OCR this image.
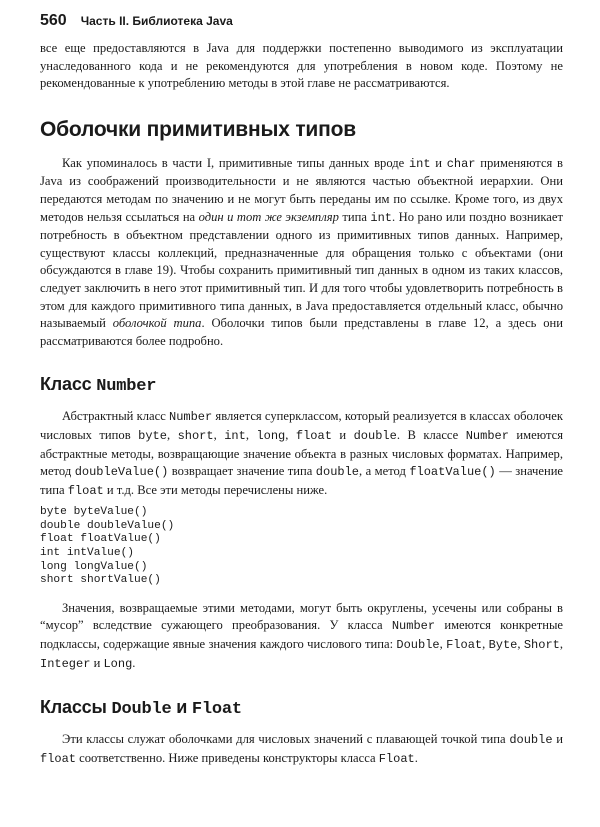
560 Часть II. Библиотека Java

все еще предоставляются в Java для поддержки постепенно выводимого из эксплуатации унаследованного кода и не рекомендуются для употребления в новом коде. Поэтому не рекомендованные к употреблению методы в этой главе не рассматриваются.

Оболочки примитивных типов

Как упоминалось в части I, примитивные типы данных вроде int и char применяются в Java из соображений производительности и не являются частью объектной иерархии. Они передаются методам по значению и не могут быть переданы им по ссылке. Кроме того, из двух методов нельзя ссылаться на один и тот же экземпляр типа int. Но рано или поздно возникает потребность в объектном представлении одного из примитивных типов данных. Например, существуют классы коллекций, предназначенные для обращения только с объектами (они обсуждаются в главе 19). Чтобы сохранить примитивный тип данных в одном из таких классов, следует заключить в него этот примитивный тип. И для того чтобы удовлетворить потребность в этом для каждого примитивного типа данных, в Java предоставляется отдельный класс, обычно называемый оболочкой типа. Оболочки типов были представлены в главе 12, а здесь они рассматриваются более подробно.

Класс Number

Абстрактный класс Number является суперклассом, который реализуется в классах оболочек числовых типов byte, short, int, long, float и double. В классе Number имеются абстрактные методы, возвращающие значение объекта в разных числовых форматах. Например, метод doubleValue() возвращает значение типа double, а метод floatValue() — значение типа float и т.д. Все эти методы перечислены ниже.

byte byteValue()
double doubleValue()
float floatValue()
int intValue()
long longValue()
short shortValue()

Значения, возвращаемые этими методами, могут быть округлены, усечены или собраны в “мусор” вследствие сужающего преобразования. У класса Number имеются конкретные подклассы, содержащие явные значения каждого числового типа: Double, Float, Byte, Short, Integer и Long.

Классы Double и Float

Эти классы служат оболочками для числовых значений с плавающей точкой типа double и float соответственно. Ниже приведены конструкторы класса Float.
